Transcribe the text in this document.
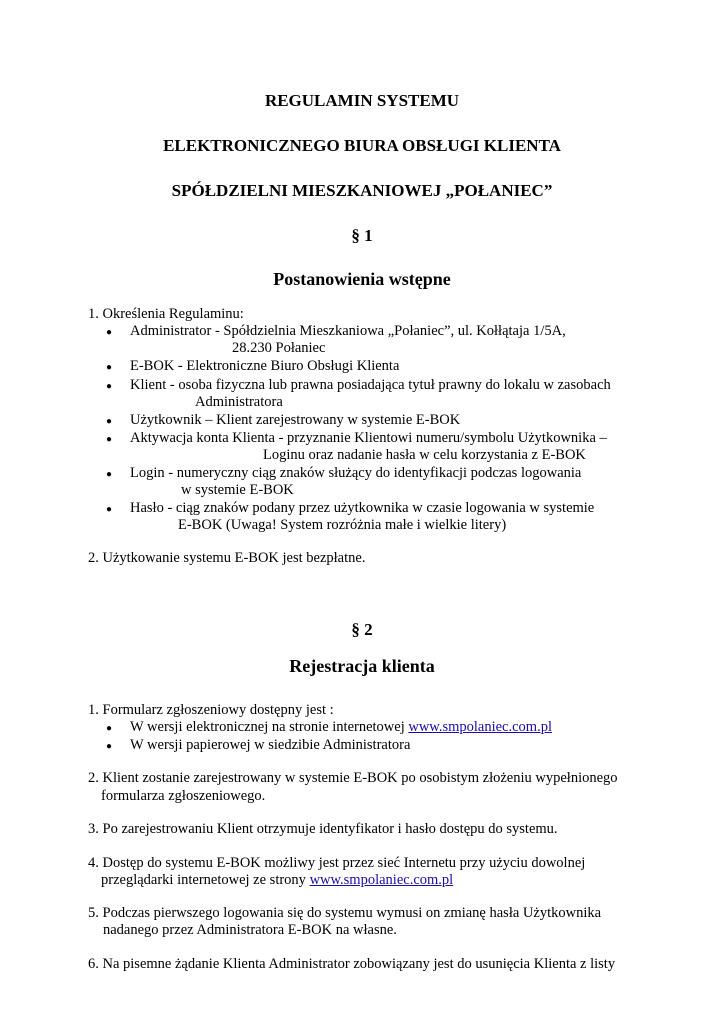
REGULAMIN SYSTEMU
ELEKTRONICZNEGO BIURA OBSŁUGI KLIENTA
SPÓŁDZIELNI MIESZKANIOWEJ „POŁANIEC”
§ 1
Postanowienia wstępne
1. Określenia Regulaminu:
● Administrator - Spółdzielnia Mieszkaniowa „Połaniec”, ul. Kołłątaja 1/5A,
28.230 Połaniec
● E-BOK - Elektroniczne Biuro Obsługi Klienta
● Klient - osoba fizyczna lub prawna posiadająca tytuł prawny do lokalu w zasobach
Administratora
● Użytkownik – Klient zarejestrowany w systemie E-BOK
● Aktywacja konta Klienta - przyznanie Klientowi numeru/symbolu Użytkownika –
Loginu oraz nadanie hasła w celu korzystania z E-BOK
● Login - numeryczny ciąg znaków służący do identyfikacji podczas logowania
w systemie E-BOK
● Hasło - ciąg znaków podany przez użytkownika w czasie logowania w systemie
E-BOK (Uwaga! System rozróżnia małe i wielkie litery)
2. Użytkowanie systemu E-BOK jest bezpłatne.
§ 2
Rejestracja klienta
1. Formularz zgłoszeniowy dostępny jest :
● W wersji elektronicznej na stronie internetowej www.smpolaniec.com.pl
● W wersji papierowej w siedzibie Administratora
2. Klient zostanie zarejestrowany w systemie E-BOK po osobistym złożeniu wypełnionego
formularza zgłoszeniowego.
3. Po zarejestrowaniu Klient otrzymuje identyfikator i hasło dostępu do systemu.
4. Dostęp do systemu E-BOK możliwy jest przez sieć Internetu przy użyciu dowolnej
przeglądarki internetowej ze strony www.smpolaniec.com.pl
5. Podczas pierwszego logowania się do systemu wymusi on zmianę hasła Użytkownika
nadanego przez Administratora E-BOK na własne.
6. Na pisemne żądanie Klienta Administrator zobowiązany jest do usunięcia Klienta z listy
